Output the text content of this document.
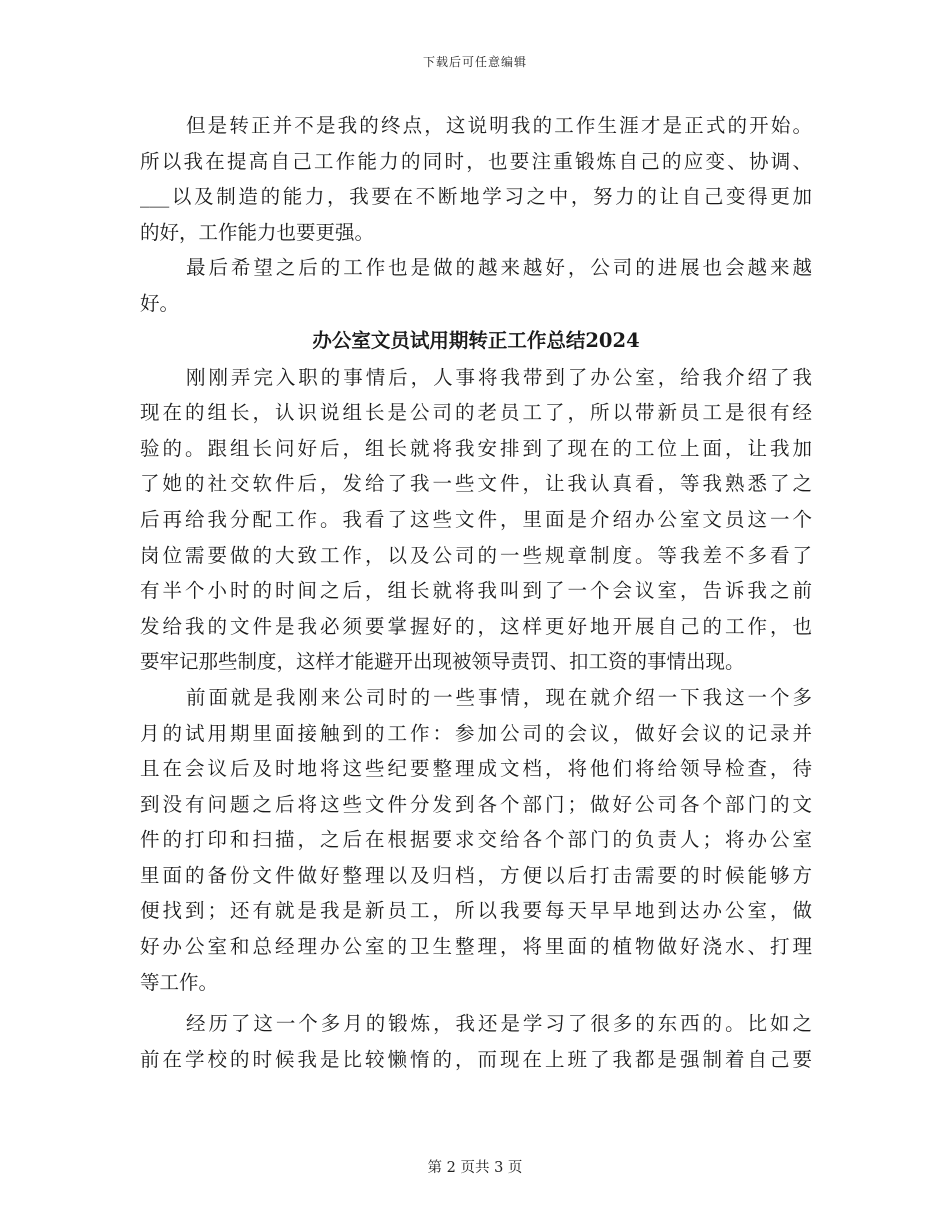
下载后可任意编辑
但是转正并不是我的终点，这说明我的工作生涯才是正式的开始。
所以我在提高自己工作能力的同时，也要注重锻炼自己的应变、协调、
___以及制造的能力，我要在不断地学习之中，努力的让自己变得更加
的好，工作能力也要更强。
最后希望之后的工作也是做的越来越好，公司的进展也会越来越
好。
办公室文员试用期转正工作总结2024
刚刚弄完入职的事情后，人事将我带到了办公室，给我介绍了我
现在的组长，认识说组长是公司的老员工了，所以带新员工是很有经
验的。跟组长问好后，组长就将我安排到了现在的工位上面，让我加
了她的社交软件后，发给了我一些文件，让我认真看，等我熟悉了之
后再给我分配工作。我看了这些文件，里面是介绍办公室文员这一个
岗位需要做的大致工作，以及公司的一些规章制度。等我差不多看了
有半个小时的时间之后，组长就将我叫到了一个会议室，告诉我之前
发给我的文件是我必须要掌握好的，这样更好地开展自己的工作，也
要牢记那些制度，这样才能避开出现被领导责罚、扣工资的事情出现。
前面就是我刚来公司时的一些事情，现在就介绍一下我这一个多
月的试用期里面接触到的工作：参加公司的会议，做好会议的记录并
且在会议后及时地将这些纪要整理成文档，将他们将给领导检查，待
到没有问题之后将这些文件分发到各个部门；做好公司各个部门的文
件的打印和扫描，之后在根据要求交给各个部门的负责人；将办公室
里面的备份文件做好整理以及归档，方便以后打击需要的时候能够方
便找到；还有就是我是新员工，所以我要每天早早地到达办公室，做
好办公室和总经理办公室的卫生整理，将里面的植物做好浇水、打理
等工作。
经历了这一个多月的锻炼，我还是学习了很多的东西的。比如之
前在学校的时候我是比较懒惰的，而现在上班了我都是强制着自己要
第 2 页共 3 页
